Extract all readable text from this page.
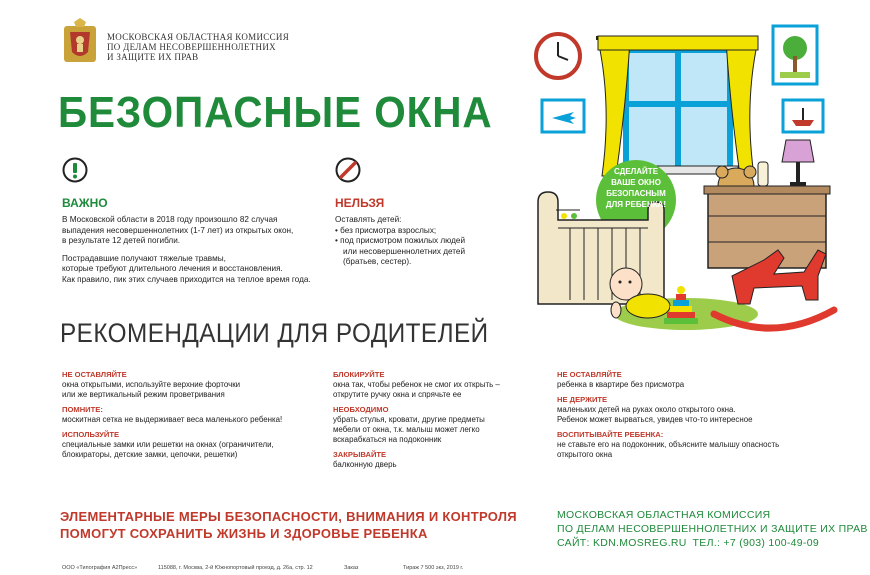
МОСКОВСКАЯ ОБЛАСТНАЯ КОМИССИЯ
ПО ДЕЛАМ НЕСОВЕРШЕННОЛЕТНИХ
И ЗАЩИТЕ ИХ ПРАВ
БЕЗОПАСНЫЕ ОКНА
ВАЖНО
В Московской области в 2018 году произошло 82 случая
выпадения несовершеннолетних (1-7 лет) из открытых окон,
в результате 12 детей погибли.
Пострадавшие получают тяжелые травмы,
которые требуют длительного лечения и восстановления.
Как правило, пик этих случаев приходится на теплое время года.
НЕЛЬЗЯ
Оставлять детей:
• без присмотра взрослых;
• под присмотром пожилых людей
или несовершеннолетних детей
(братьев, сестер).
РЕКОМЕНДАЦИИ ДЛЯ РОДИТЕЛЕЙ
НЕ ОСТАВЛЯЙТЕ
окна открытыми, используйте верхние форточки
или же вертикальный режим проветривания
ПОМНИТЕ:
москитная сетка не выдерживает веса маленького ребенка!
ИСПОЛЬЗУЙТЕ
специальные замки или решетки на окнах (ограничители,
блокираторы, детские замки, цепочки, решетки)
БЛОКИРУЙТЕ
окна так, чтобы ребенок не смог их открыть –
открутите ручку окна и спрячьте ее
НЕОБХОДИМО
убрать стулья, кровати, другие предметы
мебели от окна, т.к. малыш может легко
вскарабкаться на подоконник
ЗАКРЫВАЙТЕ
балконную дверь
НЕ ОСТАВЛЯЙТЕ
ребенка в квартире без присмотра
НЕ ДЕРЖИТЕ
маленьких детей на руках около открытого окна.
Ребенок может вырваться, увидев что-то интересное
ВОСПИТЫВАЙТЕ РЕБЕНКА:
не ставьте его на подоконник, объясните малышу опасность
открытого окна
СДЕЛАЙТЕ
ВАШЕ ОКНО
БЕЗОПАСНЫМ
ДЛЯ РЕБЕНКА!
ЭЛЕМЕНТАРНЫЕ МЕРЫ БЕЗОПАСНОСТИ, ВНИМАНИЯ И КОНТРОЛЯ
ПОМОГУТ СОХРАНИТЬ ЖИЗНЬ И ЗДОРОВЬЕ РЕБЕНКА
МОСКОВСКАЯ ОБЛАСТНАЯ КОМИССИЯ
ПО ДЕЛАМ НЕСОВЕРШЕННОЛЕТНИХ И ЗАЩИТЕ ИХ ПРАВ
САЙТ: KDN.MOSREG.RU ТЕЛ.: +7 (903) 100-49-09
ООО «Типография А2Пресс»	115088, г. Москва, 2-й Южнопортовый проезд, д. 26а, стр. 12	Заказ	Тираж 7 500 экз, 2019 г.
